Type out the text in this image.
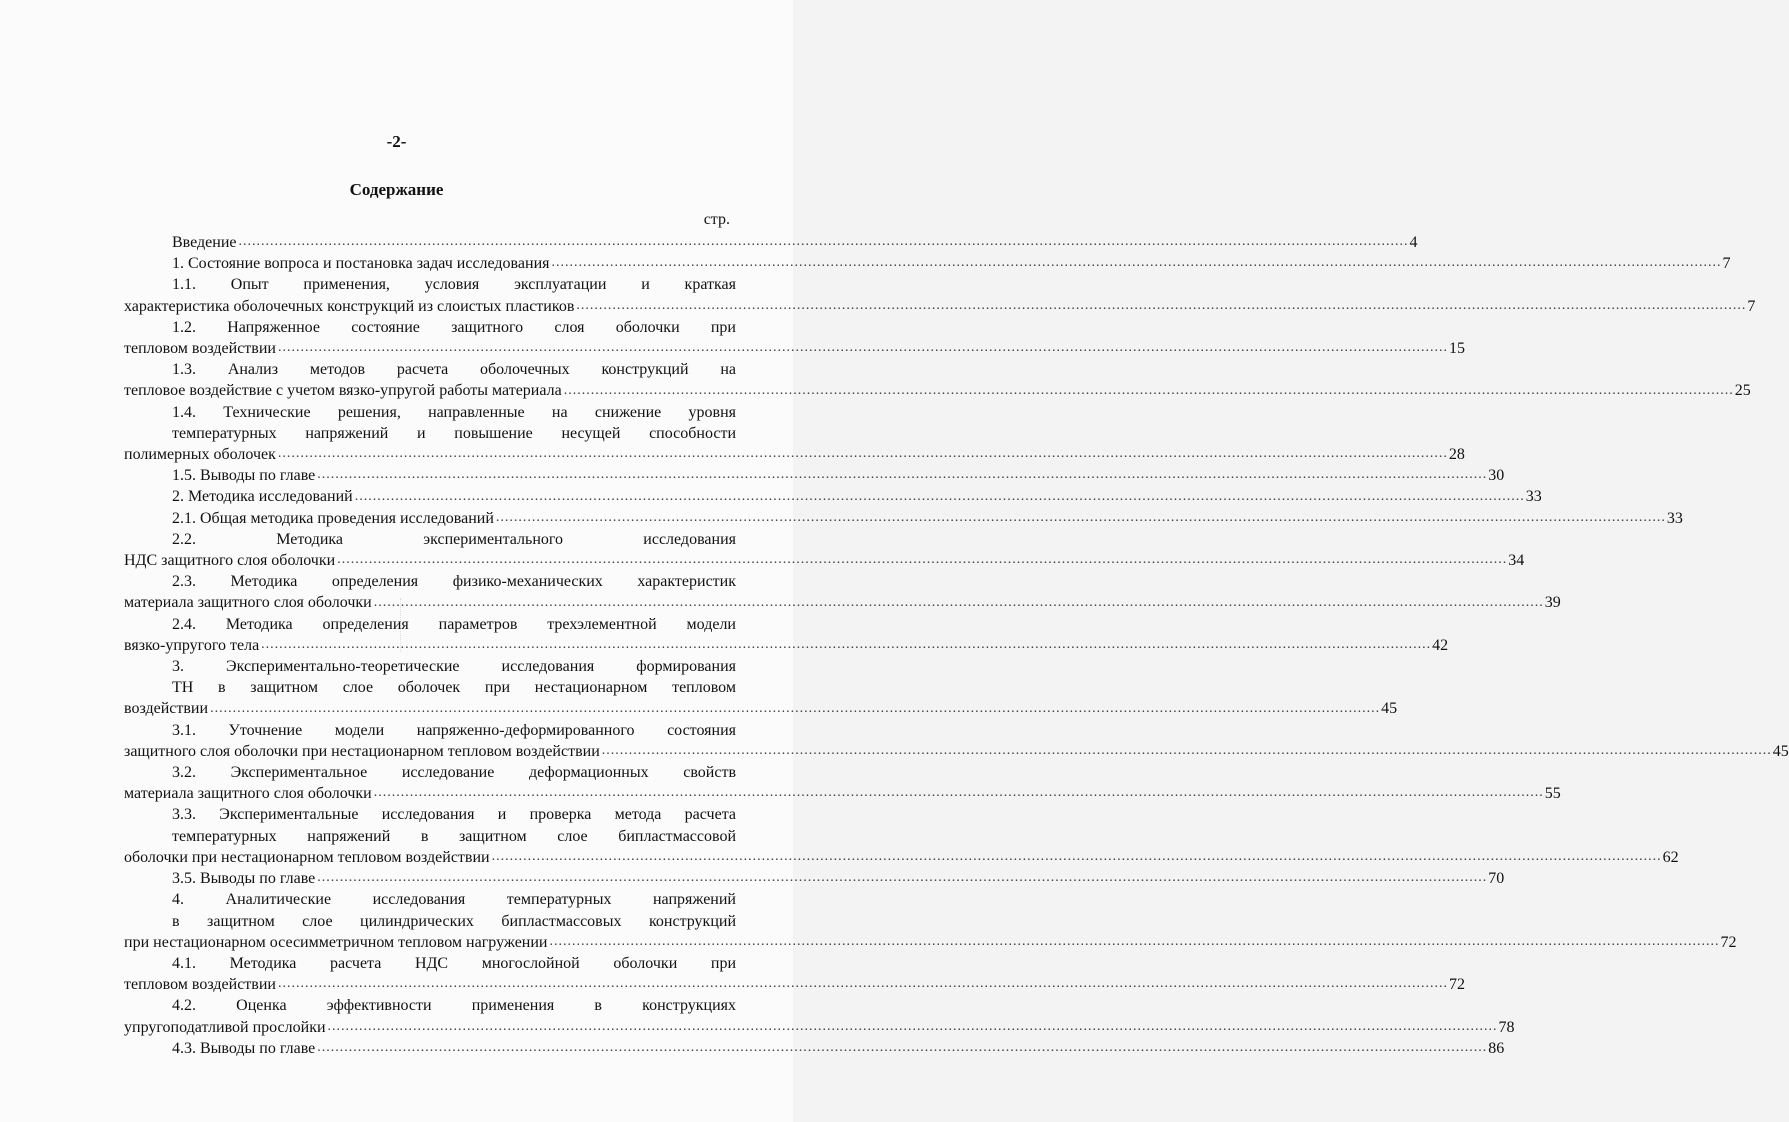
-2-
Содержание
стр.
Введение .................................................................................................................................................................................................................................................................... 4
1. Состояние вопроса и постановка задач исследования .................................................................................................................................................................................................................................................................... 7
1.1. Опыт применения, условия эксплуатации и краткая
характеристика оболочечных конструкций из слоистых пластиков .................................................................................................................................................................................................................................................................... 7
1.2. Напряженное состояние защитного слоя оболочки при
тепловом воздействии .................................................................................................................................................................................................................................................................... 15
1.3. Анализ методов расчета оболочечных конструкций на
тепловое воздействие с учетом вязко-упругой работы материала .................................................................................................................................................................................................................................................................... 25
1.4. Технические решения, направленные на снижение уровня
температурных напряжений и повышение несущей способности
полимерных оболочек .................................................................................................................................................................................................................................................................... 28
1.5. Выводы по главе .................................................................................................................................................................................................................................................................... 30
2. Методика исследований .................................................................................................................................................................................................................................................................... 33
2.1. Общая методика проведения исследований .................................................................................................................................................................................................................................................................... 33
2.2. Методика экспериментального исследования
НДС защитного слоя оболочки .................................................................................................................................................................................................................................................................... 34
2.3. Методика определения физико-механических характеристик
материала защитного слоя оболочки .................................................................................................................................................................................................................................................................... 39
2.4. Методика определения параметров трехэлементной модели
вязко-упругого тела .................................................................................................................................................................................................................................................................... 42
3. Экспериментально-теоретические исследования формирования
ТН в защитном слое оболочек при нестационарном тепловом
воздействии .................................................................................................................................................................................................................................................................... 45
3.1. Уточнение модели напряженно-деформированного состояния
защитного слоя оболочки при нестационарном тепловом воздействии .................................................................................................................................................................................................................................................................... 45
3.2. Экспериментальное исследование деформационных свойств
материала защитного слоя оболочки .................................................................................................................................................................................................................................................................... 55
3.3. Экспериментальные исследования и проверка метода расчета
температурных напряжений в защитном слое бипластмассовой
оболочки при нестационарном тепловом воздействии .................................................................................................................................................................................................................................................................... 62
3.5. Выводы по главе .................................................................................................................................................................................................................................................................... 70
4. Аналитические исследования температурных напряжений
в защитном слое цилиндрических бипластмассовых конструкций
при нестационарном осесимметричном тепловом нагружении .................................................................................................................................................................................................................................................................... 72
4.1. Методика расчета НДС многослойной оболочки при
тепловом воздействии .................................................................................................................................................................................................................................................................... 72
4.2. Оценка эффективности применения в конструкциях
упругоподатливой прослойки .................................................................................................................................................................................................................................................................... 78
4.3. Выводы по главе .................................................................................................................................................................................................................................................................... 86
